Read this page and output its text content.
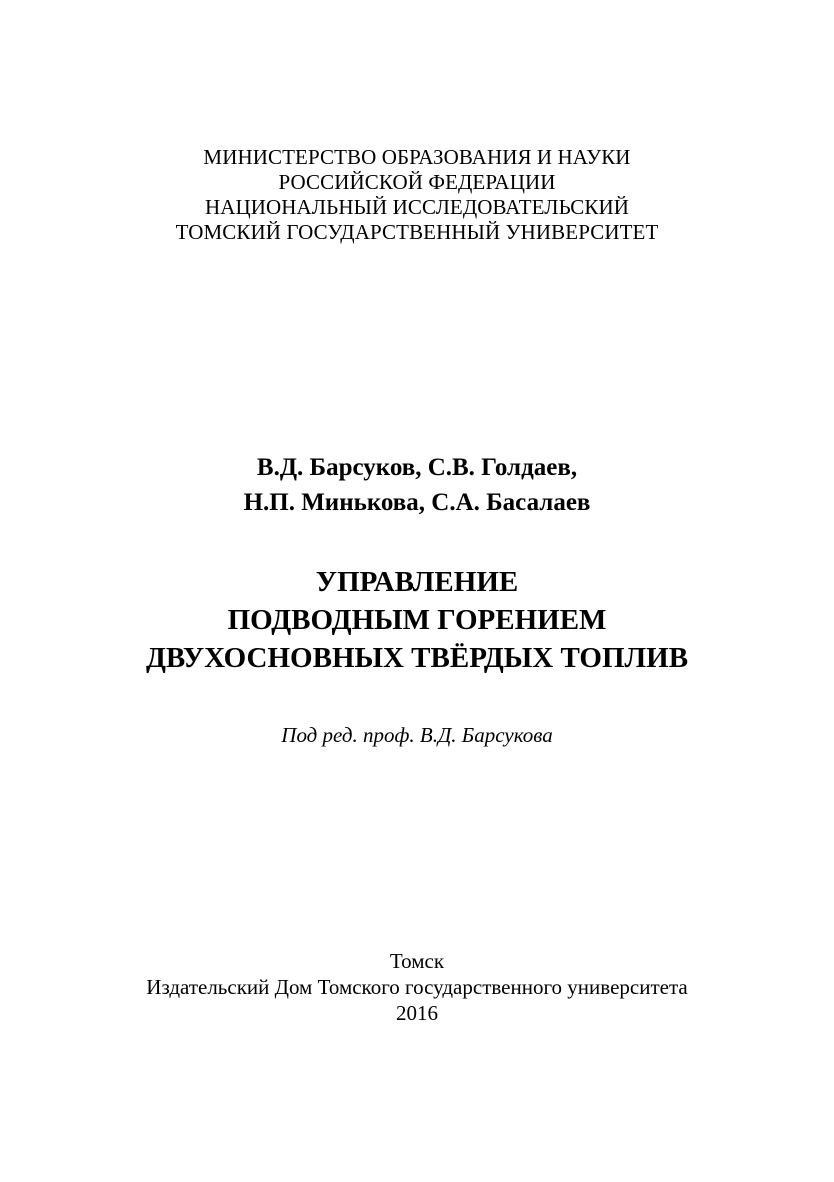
МИНИСТЕРСТВО ОБРАЗОВАНИЯ И НАУКИ
РОССИЙСКОЙ ФЕДЕРАЦИИ
НАЦИОНАЛЬНЫЙ ИССЛЕДОВАТЕЛЬСКИЙ
ТОМСКИЙ ГОСУДАРСТВЕННЫЙ УНИВЕРСИТЕТ
В.Д. Барсуков, С.В. Голдаев,
Н.П. Минькова, С.А. Басалаев
УПРАВЛЕНИЕ
ПОДВОДНЫМ ГОРЕНИЕМ
ДВУХОСНОВНЫХ ТВЁРДЫХ ТОПЛИВ
Под ред. проф. В.Д. Барсукова
Томск
Издательский Дом Томского государственного университета
2016
